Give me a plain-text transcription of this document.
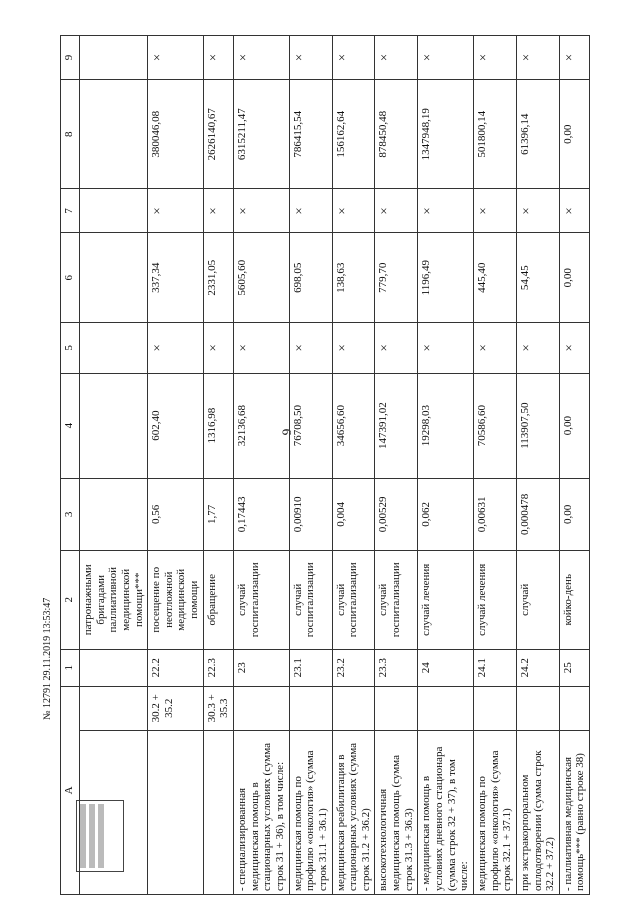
9
№ 12791 29.11.2019 13:53:47
А		1	2	3	4	5	6	7	8	9
			патронажными бригадами паллиативной медицинской помощи***							
	30.2 + 35.2	22.2	посещение по неотложной медицинской помощи	0,56	602,40	×	337,34	×	380046,08	×
	30.3 + 35.3	22.3	обращение	1,77	1316,98	×	2331,05	×	2626140,67	×
- специализированная медицинская помощь в стационарных условиях (сумма строк 31 + 36), в том числе:		23	случай госпитализации	0,17443	32136,68	×	5605,60	×	6315211,47	×
медицинская помощь по профилю «онкология» (сумма строк 31.1 + 36.1)		23.1	случай госпитализации	0,00910	76708,50	×	698,05	×	786415,54	×
медицинская реабилитация в стационарных условиях (сумма строк 31.2 + 36.2)		23.2	случай госпитализации	0,004	34656,60	×	138,63	×	156162,64	×
высокотехнологичная медицинская помощь (сумма строк 31.3 + 36.3)		23.3	случай госпитализации	0,00529	147391,02	×	779,70	×	878450,48	×
- медицинская помощь в условиях дневного стационара (сумма строк 32 + 37), в том числе:		24	случай лечения	0,062	19298,03	×	1196,49	×	1347948,19	×
медицинская помощь по профилю «онкология» (сумма строк 32.1 + 37.1)		24.1	случай лечения	0,00631	70586,60	×	445,40	×	501800,14	×
при экстракорпоральном оплодотворении (сумма строк 32.2 + 37.2)		24.2	случай	0,000478	113907,50	×	54,45	×	61396,14	×
- паллиативная медицинская помощь*** (равно строке 38)		25	койко-день	0,00	0,00	×	0,00	×	0,00	×
